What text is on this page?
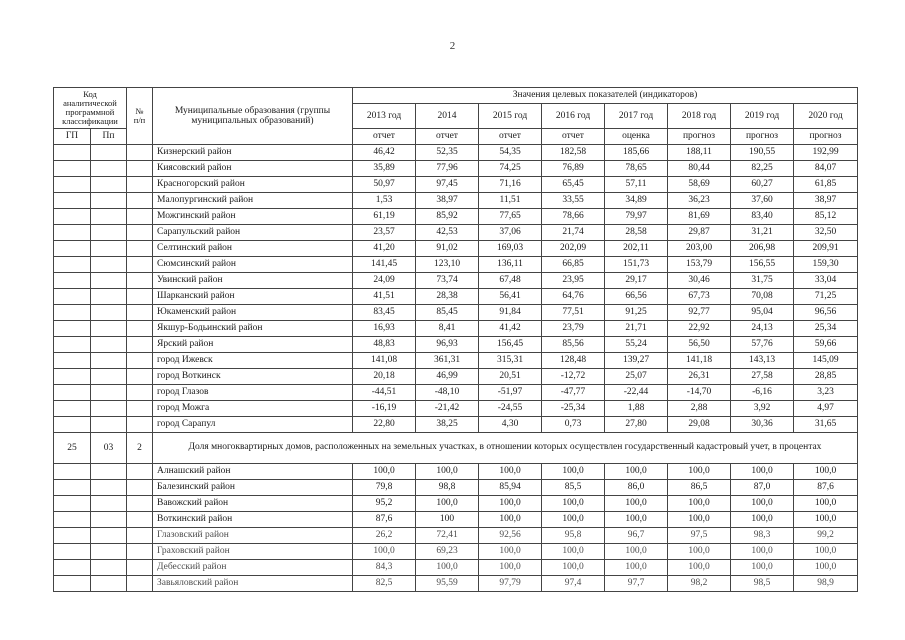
2
Код аналитической программной классификации		№ п/п	Муниципальные образования (группы муниципальных образований)	Значения целевых показателей (индикаторов)							
				2013 год	2014	2015 год	2016 год	2017 год	2018 год	2019 год	2020 год

ГП	Пп			отчет	отчет	отчет	отчет	оценка	прогноз	прогноз	прогноз
			Кизнерский район	46,42	52,35	54,35	182,58	185,66	188,11	190,55	192,99
			Киясовский район	35,89	77,96	74,25	76,89	78,65	80,44	82,25	84,07
			Красногорский район	50,97	97,45	71,16	65,45	57,11	58,69	60,27	61,85
			Малопургинский район	1,53	38,97	11,51	33,55	34,89	36,23	37,60	38,97
			Можгинский район	61,19	85,92	77,65	78,66	79,97	81,69	83,40	85,12
			Сарапульский район	23,57	42,53	37,06	21,74	28,58	29,87	31,21	32,50
			Селтинский район	41,20	91,02	169,03	202,09	202,11	203,00	206,98	209,91
			Сюмсинский район	141,45	123,10	136,11	66,85	151,73	153,79	156,55	159,30
			Увинский район	24,09	73,74	67,48	23,95	29,17	30,46	31,75	33,04
			Шарканский район	41,51	28,38	56,41	64,76	66,56	67,73	70,08	71,25
			Юкаменский район	83,45	85,45	91,84	77,51	91,25	92,77	95,04	96,56
			Якшур-Бодьинский район	16,93	8,41	41,42	23,79	21,71	22,92	24,13	25,34
			Ярский район	48,83	96,93	156,45	85,56	55,24	56,50	57,76	59,66
			город Ижевск	141,08	361,31	315,31	128,48	139,27	141,18	143,13	145,09
			город Воткинск	20,18	46,99	20,51	-12,72	25,07	26,31	27,58	28,85
			город Глазов	-44,51	-48,10	-51,97	-47,77	-22,44	-14,70	-6,16	3,23
			город Можга	-16,19	-21,42	-24,55	-25,34	1,88	2,88	3,92	4,97
			город Сарапул	22,80	38,25	4,30	0,73	27,80	29,08	30,36	31,65
25	03	2	Доля многоквартирных домов, расположенных на земельных участках, в отношении которых осуществлен государственный кадастровый учет, в процентах								
			Алнашский район	100,0	100,0	100,0	100,0	100,0	100,0	100,0	100,0
			Балезинский район	79,8	98,8	85,94	85,5	86,0	86,5	87,0	87,6
			Вавожский район	95,2	100,0	100,0	100,0	100,0	100,0	100,0	100,0
			Воткинский район	87,6	100	100,0	100,0	100,0	100,0	100,0	100,0
			Глазовский район	26,2	72,41	92,56	95,8	96,7	97,5	98,3	99,2
			Граховский район	100,0	69,23	100,0	100,0	100,0	100,0	100,0	100,0
			Дебесский район	84,3	100,0	100,0	100,0	100,0	100,0	100,0	100,0
			Завьяловский район	82,5	95,59	97,79	97,4	97,7	98,2	98,5	98,9
